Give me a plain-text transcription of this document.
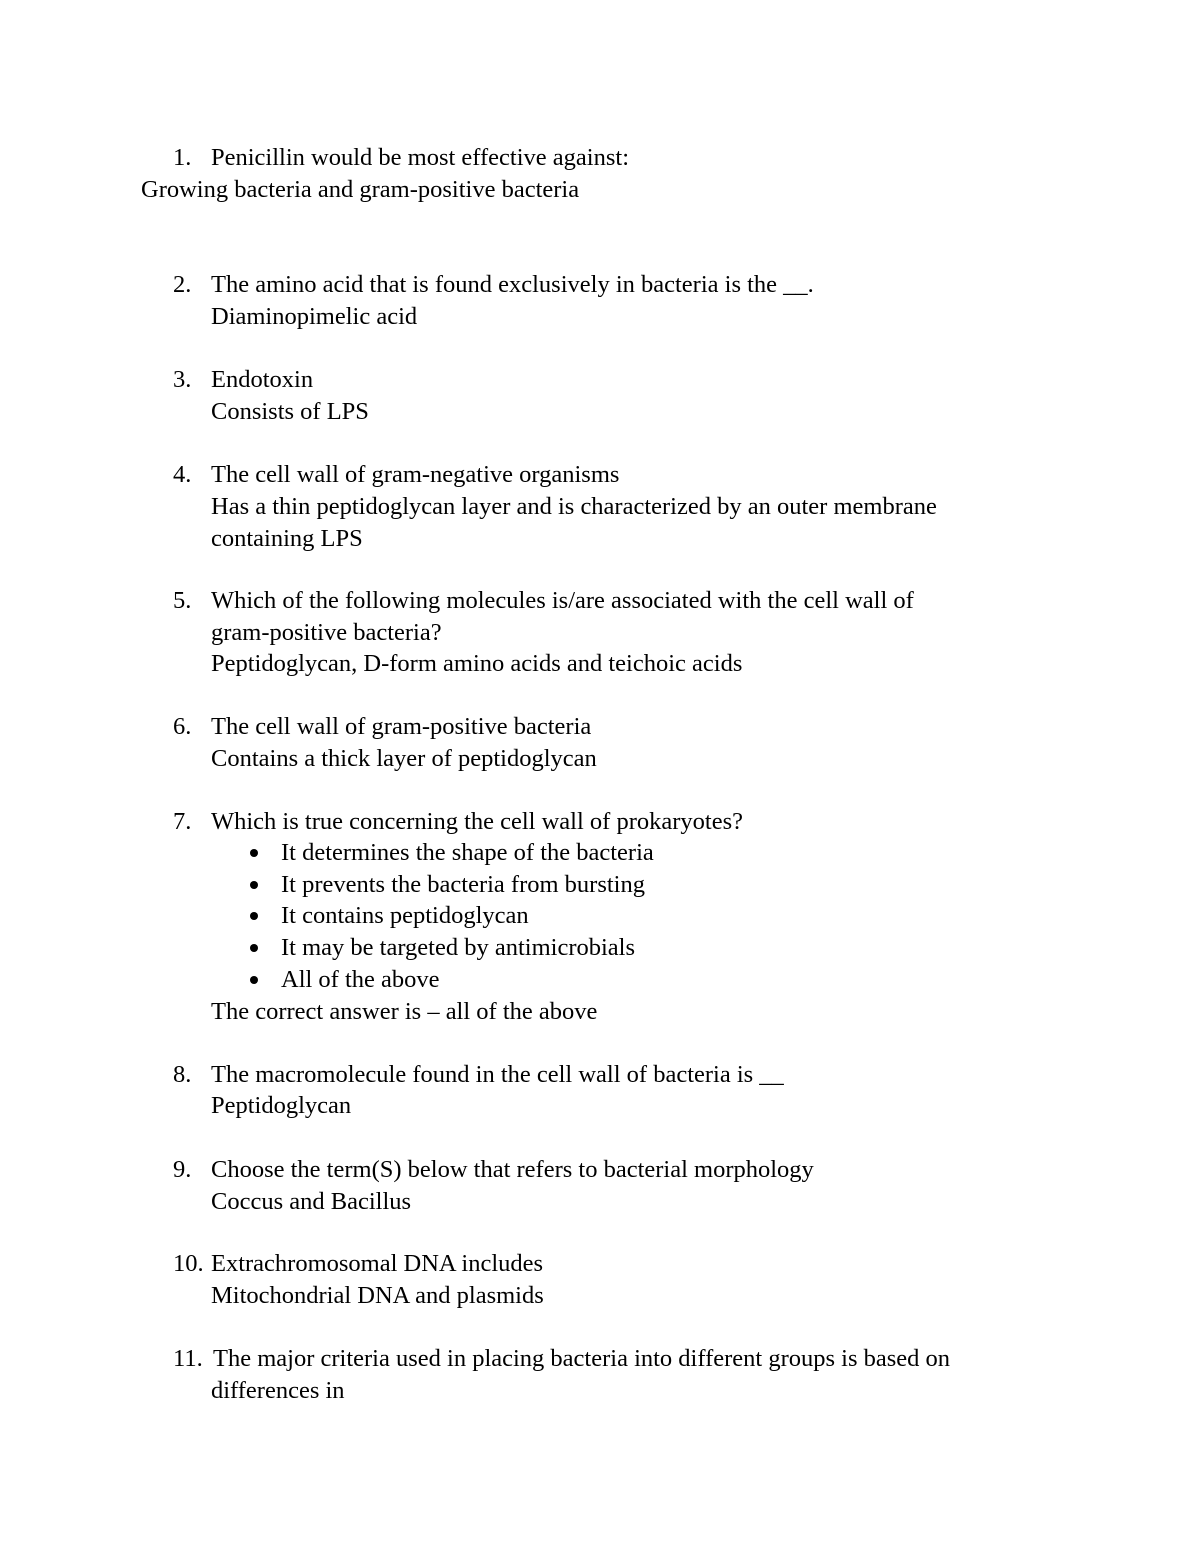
1. Penicillin would be most effective against:
Growing bacteria and gram-positive bacteria
2. The amino acid that is found exclusively in bacteria is the __.
Diaminopimelic acid
3. Endotoxin
Consists of LPS
4. The cell wall of gram-negative organisms
Has a thin peptidoglycan layer and is characterized by an outer membrane
containing LPS
5. Which of the following molecules is/are associated with the cell wall of
gram-positive bacteria?
Peptidoglycan, D-form amino acids and teichoic acids
6. The cell wall of gram-positive bacteria
Contains a thick layer of peptidoglycan
7. Which is true concerning the cell wall of prokaryotes?
It determines the shape of the bacteria
It prevents the bacteria from bursting
It contains peptidoglycan
It may be targeted by antimicrobials
All of the above
The correct answer is – all of the above
8. The macromolecule found in the cell wall of bacteria is __
Peptidoglycan
9. Choose the term(S) below that refers to bacterial morphology
Coccus and Bacillus
10. Extrachromosomal DNA includes
Mitochondrial DNA and plasmids
11. The major criteria used in placing bacteria into different groups is based on
differences in
